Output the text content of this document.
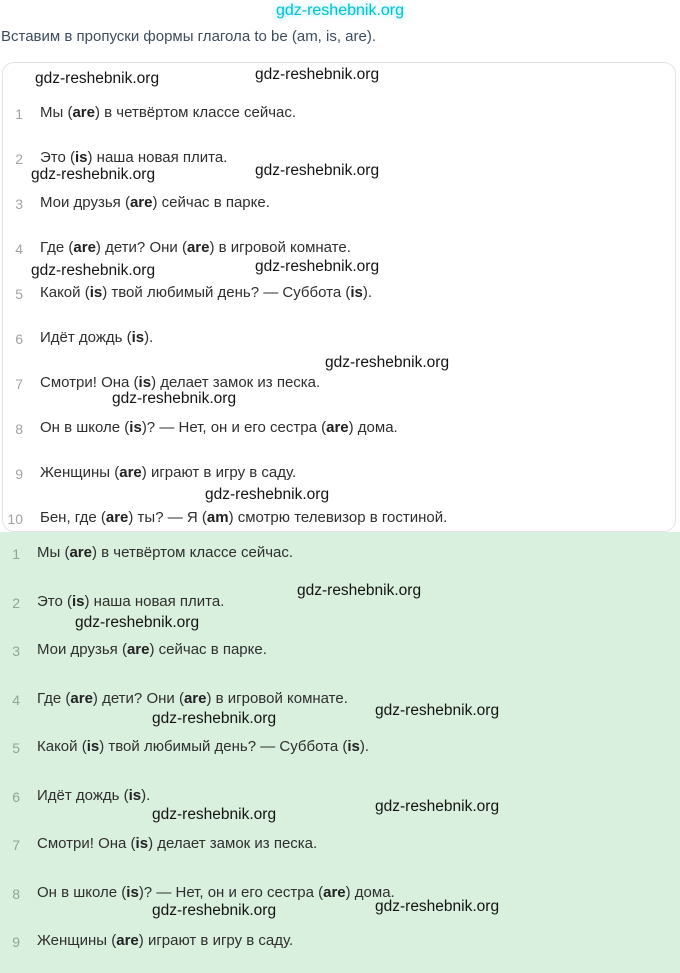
gdz-reshebnik.org
Вставим в пропуски формы глагола to be (am, is, are).
1 Мы (are) в четвёртом классе сейчас.
2 Это (is) наша новая плита.
3 Мои друзья (are) сейчас в парке.
4 Где (are) дети? Они (are) в игровой комнате.
5 Какой (is) твой любимый день? — Суббота (is).
6 Идёт дождь (is).
7 Смотри! Она (is) делает замок из песка.
8 Он в школе (is)? — Нет, он и его сестра (are) дома.
9 Женщины (are) играют в игру в саду.
10 Бен, где (are) ты? — Я (am) смотрю телевизор в гостиной.
1 Мы (are) в четвёртом классе сейчас.
2 Это (is) наша новая плита.
3 Мои друзья (are) сейчас в парке.
4 Где (are) дети? Они (are) в игровой комнате.
5 Какой (is) твой любимый день? — Суббота (is).
6 Идёт дождь (is).
7 Смотри! Она (is) делает замок из песка.
8 Он в школе (is)? — Нет, он и его сестра (are) дома.
9 Женщины (are) играют в игру в саду.
gdz-reshebnik.org	gdz-reshebnik.org
gdz-reshebnik.org	gdz-reshebnik.org
gdz-reshebnik.org	gdz-reshebnik.org
gdz-reshebnik.org
gdz-reshebnik.org
gdz-reshebnik.org
gdz-reshebnik.org
gdz-reshebnik.org
gdz-reshebnik.org	gdz-reshebnik.org
gdz-reshebnik.org	gdz-reshebnik.org
gdz-reshebnik.org	gdz-reshebnik.org
